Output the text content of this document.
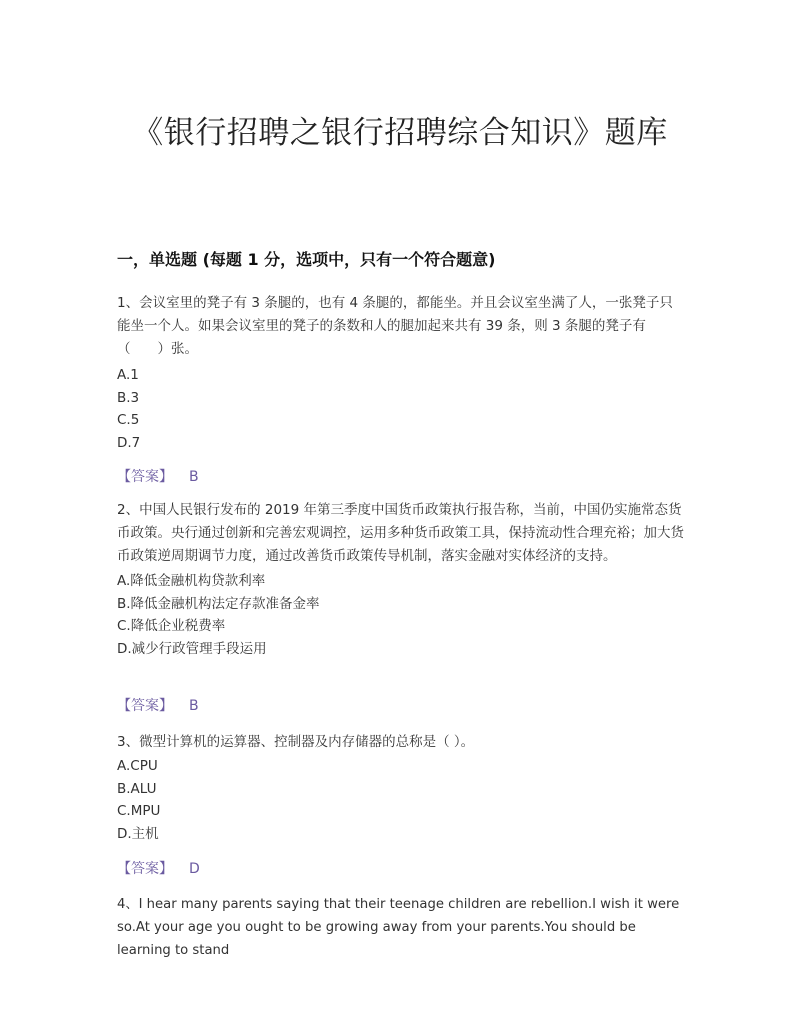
《银行招聘之银行招聘综合知识》题库
一，单选题 (每题 1 分，选项中，只有一个符合题意)

1、会议室里的凳子有 3 条腿的，也有 4 条腿的，都能坐。并且会议室坐满了人，一张凳子只能坐一个人。如果会议室里的凳子的条数和人的腿加起来共有 39 条，则 3 条腿的凳子有（　　）张。

A.1
B.3
C.5
D.7
【答案】 B

2、中国人民银行发布的 2019 年第三季度中国货币政策执行报告称，当前，中国仍实施常态货币政策。央行通过创新和完善宏观调控，运用多种货币政策工具，保持流动性合理充裕；加大货币政策逆周期调节力度，通过改善货币政策传导机制，落实金融对实体经济的支持。

A.降低金融机构贷款利率
B.降低金融机构法定存款准备金率
C.降低企业税费率
D.减少行政管理手段运用
【答案】 B

3、微型计算机的运算器、控制器及内存储器的总称是（ ）。

A.CPU
B.ALU
C.MPU
D.主机
【答案】 D

4、I hear many parents saying that their teenage children are rebellion.I wish it were so.At your age you ought to be growing away from your parents.You should be learning to stand
